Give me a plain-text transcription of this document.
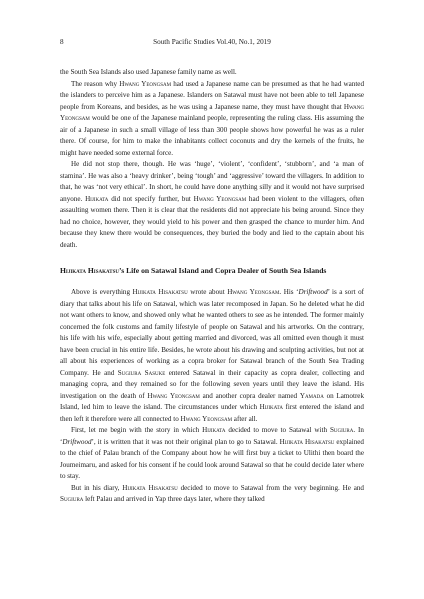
8	South Pacific Studies Vol.40, No.1, 2019

the South Sea Islands also used Japanese family name as well.

The reason why Hwang Yeongsam had used a Japanese name can be presumed as that he had wanted the islanders to perceive him as a Japanese. Islanders on Satawal must have not been able to tell Japanese people from Koreans, and besides, as he was using a Japanese name, they must have thought that Hwang Yeongsam would be one of the Japanese mainland people, representing the ruling class. His assuming the air of a Japanese in such a small village of less than 300 people shows how powerful he was as a ruler there. Of course, for him to make the inhabitants collect coconuts and dry the kernels of the fruits, he might have needed some external force.

He did not stop there, though. He was ‘huge’, ‘violent’, ‘confident’, ‘stubborn’, and ‘a man of stamina’. He was also a ‘heavy drinker’, being ‘tough’ and ‘aggressive’ toward the villagers. In addition to that, he was ‘not very ethical’. In short, he could have done anything silly and it would not have surprised anyone. Hijikata did not specify further, but Hwang Yeongsam had been violent to the villagers, often assaulting women there. Then it is clear that the residents did not appreciate his being around. Since they had no choice, however, they would yield to his power and then grasped the chance to murder him. And because they knew there would be consequences, they buried the body and lied to the captain about his death.

Hijikata Hisakatsu’s Life on Satawal Island and Copra Dealer of South Sea Islands

Above is everything Hijikata Hisakatsu wrote about Hwang Yeongsam. His ‘Driftwood’ is a sort of diary that talks about his life on Satawal, which was later recomposed in Japan. So he deleted what he did not want others to know, and showed only what he wanted others to see as he intended. The former mainly concerned the folk customs and family lifestyle of people on Satawal and his artworks. On the contrary, his life with his wife, especially about getting married and divorced, was all omitted even though it must have been crucial in his entire life. Besides, he wrote about his drawing and sculpting activities, but not at all about his experiences of working as a copra broker for Satawal branch of the South Sea Trading Company. He and Sugiura Sasuke entered Satawal in their capacity as copra dealer, collecting and managing copra, and they remained so for the following seven years until they leave the island. His investigation on the death of Hwang Yeongsam and another copra dealer named Yamada on Lamotrek Island, led him to leave the island. The circumstances under which Hijikata first entered the island and then left it therefore were all connected to Hwang Yeongsam after all.

First, let me begin with the story in which Hijikata decided to move to Satawal with Sugiura. In ‘Driftwood’, it is written that it was not their original plan to go to Satawal. Hijikata Hisakatsu explained to the chief of Palau branch of the Company about how he will first buy a ticket to Ulithi then board the Joumeimaru, and asked for his consent if he could look around Satawal so that he could decide later where to stay.

But in his diary, Hijikata Hisakatsu decided to move to Satawal from the very beginning. He and Sugiura left Palau and arrived in Yap three days later, where they talked
